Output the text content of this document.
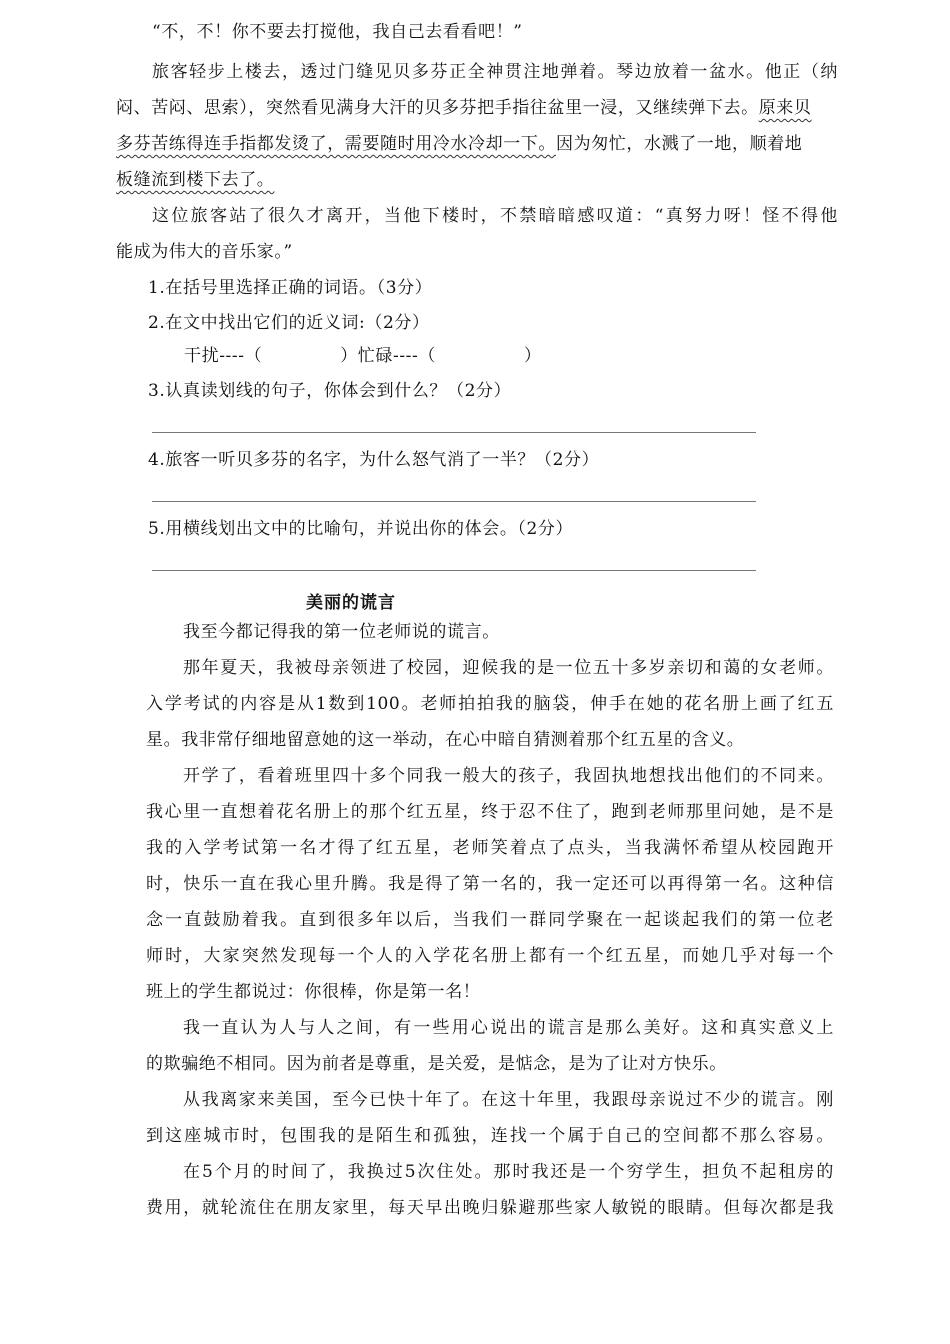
“不，不！你不要去打搅他，我自己去看看吧！”
旅客轻步上楼去，透过门缝见贝多芬正全神贯注地弹着。琴边放着一盆水。他正（纳
闷、苦闷、思索），突然看见满身大汗的贝多芬把手指往盆里一浸，又继续弹下去。原来贝
多芬苦练得连手指都发烫了，需要随时用冷水冷却一下。因为匆忙，水溅了一地，顺着地
板缝流到楼下去了。
这位旅客站了很久才离开，当他下楼时，不禁暗暗感叹道：“真努力呀！怪不得他
能成为伟大的音乐家。”
1.在括号里选择正确的词语。（3分）
2.在文中找出它们的近义词:（2分）
干扰----（	）忙碌----（	）
3.认真读划线的句子，你体会到什么？（2分）
4.旅客一听贝多芬的名字，为什么怒气消了一半？（2分）
5.用横线划出文中的比喻句，并说出你的体会。（2分）
美丽的谎言
我至今都记得我的第一位老师说的谎言。
那年夏天，我被母亲领进了校园，迎候我的是一位五十多岁亲切和蔼的女老师。
入学考试的内容是从1数到100。老师拍拍我的脑袋，伸手在她的花名册上画了红五
星。我非常仔细地留意她的这一举动，在心中暗自猜测着那个红五星的含义。
开学了，看着班里四十多个同我一般大的孩子，我固执地想找出他们的不同来。
我心里一直想着花名册上的那个红五星，终于忍不住了，跑到老师那里问她，是不是
我的入学考试第一名才得了红五星，老师笑着点了点头，当我满怀希望从校园跑开
时，快乐一直在我心里升腾。我是得了第一名的，我一定还可以再得第一名。这种信
念一直鼓励着我。直到很多年以后，当我们一群同学聚在一起谈起我们的第一位老
师时，大家突然发现每一个人的入学花名册上都有一个红五星，而她几乎对每一个
班上的学生都说过：你很棒，你是第一名！
我一直认为人与人之间，有一些用心说出的谎言是那么美好。这和真实意义上
的欺骗绝不相同。因为前者是尊重，是关爱，是惦念，是为了让对方快乐。
从我离家来美国，至今已快十年了。在这十年里，我跟母亲说过不少的谎言。刚
到这座城市时，包围我的是陌生和孤独，连找一个属于自己的空间都不那么容易。
在5个月的时间了，我换过5次住处。那时我还是一个穷学生，担负不起租房的
费用，就轮流住在朋友家里，每天早出晚归躲避那些家人敏锐的眼睛。但每次都是我
